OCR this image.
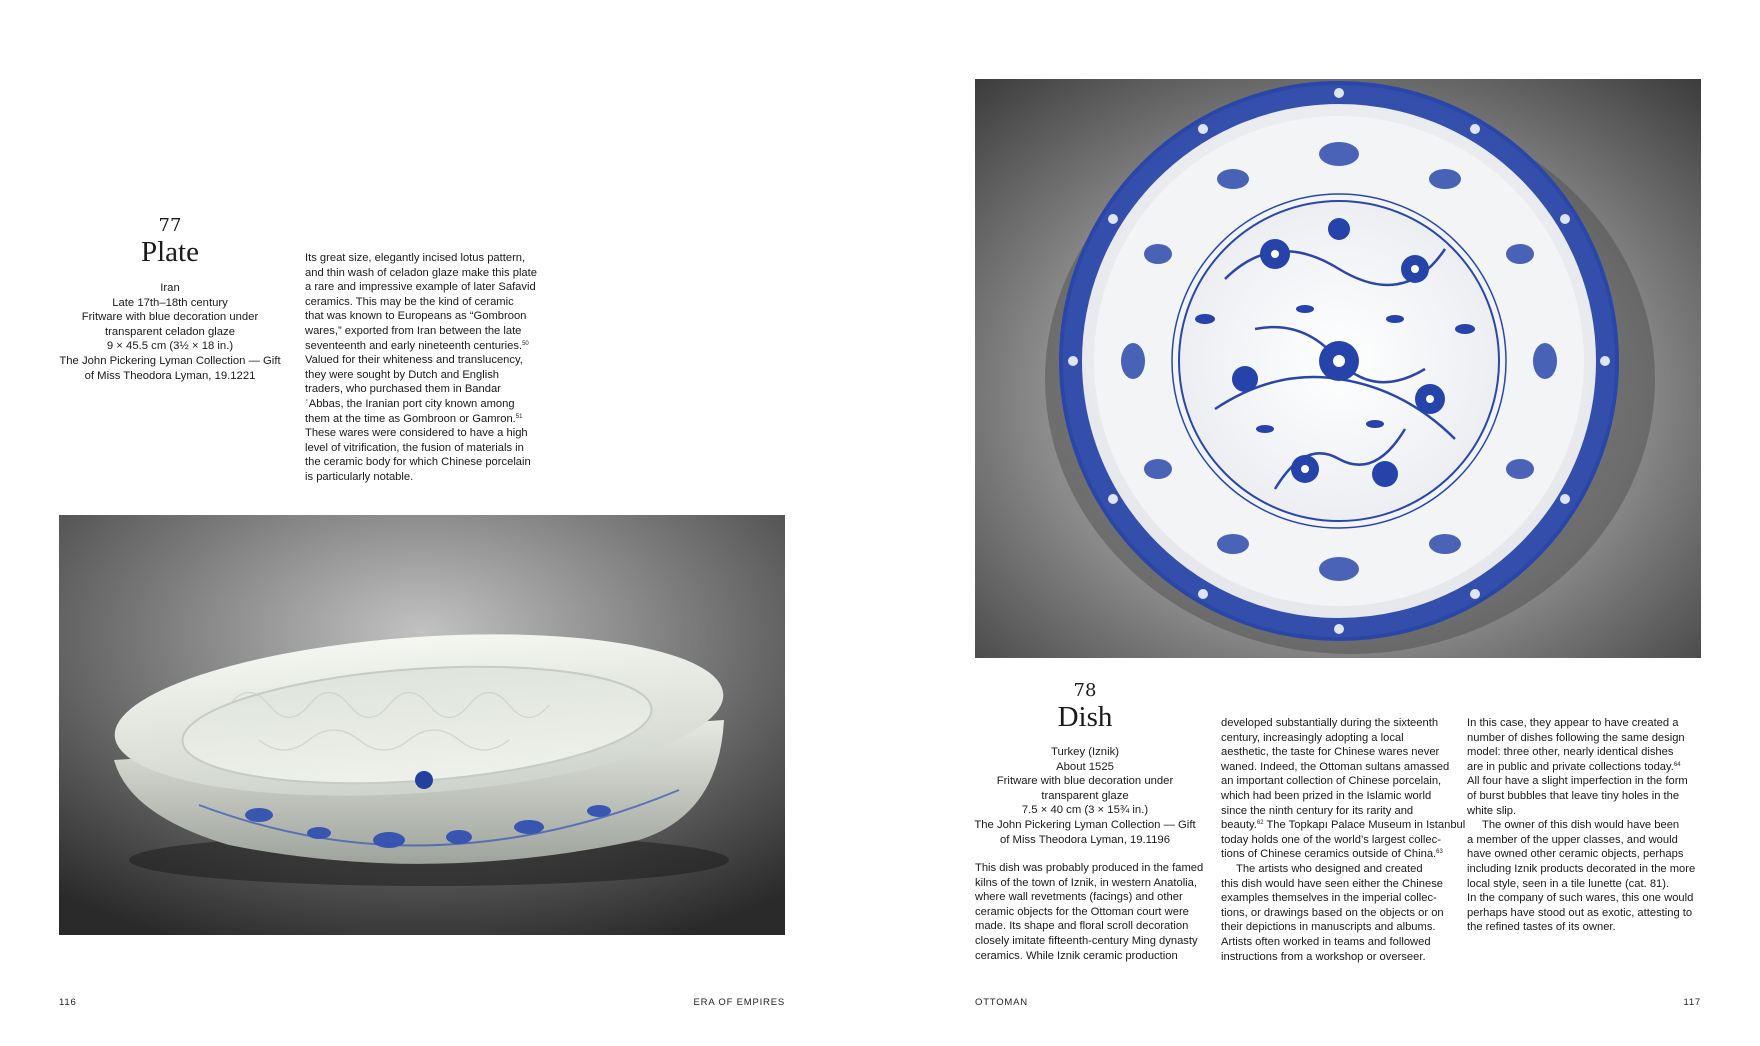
77
Plate
Iran
Late 17th–18th century
Fritware with blue decoration under
transparent celadon glaze
9 × 45.5 cm (3½ × 18 in.)
The John Pickering Lyman Collection — Gift
of Miss Theodora Lyman, 19.1221

Its great size, elegantly incised lotus pattern,

and thin wash of celadon glaze make this plate

a rare and impressive example of later Safavid

ceramics. This may be the kind of ceramic

that was known to Europeans as “Gombroon

wares,” exported from Iran between the late

seventeenth and early nineteenth centuries.$^{50}$

Valued for their whiteness and translucency,

they were sought by Dutch and English

traders, who purchased them in Bandar

ʿAbbas, the Iranian port city known among

them at the time as Gombroon or Gamron.$^{51}$

These wares were considered to have a high

level of vitrification, the fusion of materials in

the ceramic body for which Chinese porcelain

is particularly notable.

116	ERA OF EMPIRES
78
Dish
Turkey (Iznik)
About 1525
Fritware with blue decoration under
transparent glaze
7.5 × 40 cm (3 × 15¾ in.)
The John Pickering Lyman Collection — Gift
of Miss Theodora Lyman, 19.1196

This dish was probably produced in the famed

kilns of the town of Iznik, in western Anatolia,

where wall revetments (facings) and other

ceramic objects for the Ottoman court were

made. Its shape and floral scroll decoration

closely imitate fifteenth-century Ming dynasty

ceramics. While Iznik ceramic production

developed substantially during the sixteenth

century, increasingly adopting a local

aesthetic, the taste for Chinese wares never

waned. Indeed, the Ottoman sultans amassed

an important collection of Chinese porcelain,

which had been prized in the Islamic world

since the ninth century for its rarity and

beauty.$^{62}$ The Topkapı Palace Museum in Istanbul

today holds one of the world’s largest collec-

tions of Chinese ceramics outside of China.$^{63}$

The artists who designed and created

this dish would have seen either the Chinese

examples themselves in the imperial collec-

tions, or drawings based on the objects or on

their depictions in manuscripts and albums.

Artists often worked in teams and followed

instructions from a workshop or overseer.

In this case, they appear to have created a

number of dishes following the same design

model: three other, nearly identical dishes

are in public and private collections today.$^{64}$

All four have a slight imperfection in the form

of burst bubbles that leave tiny holes in the

white slip.

The owner of this dish would have been

a member of the upper classes, and would

have owned other ceramic objects, perhaps

including Iznik products decorated in the more

local style, seen in a tile lunette (cat. 81).

In the company of such wares, this one would

perhaps have stood out as exotic, attesting to

the refined tastes of its owner.

OTTOMAN	117
